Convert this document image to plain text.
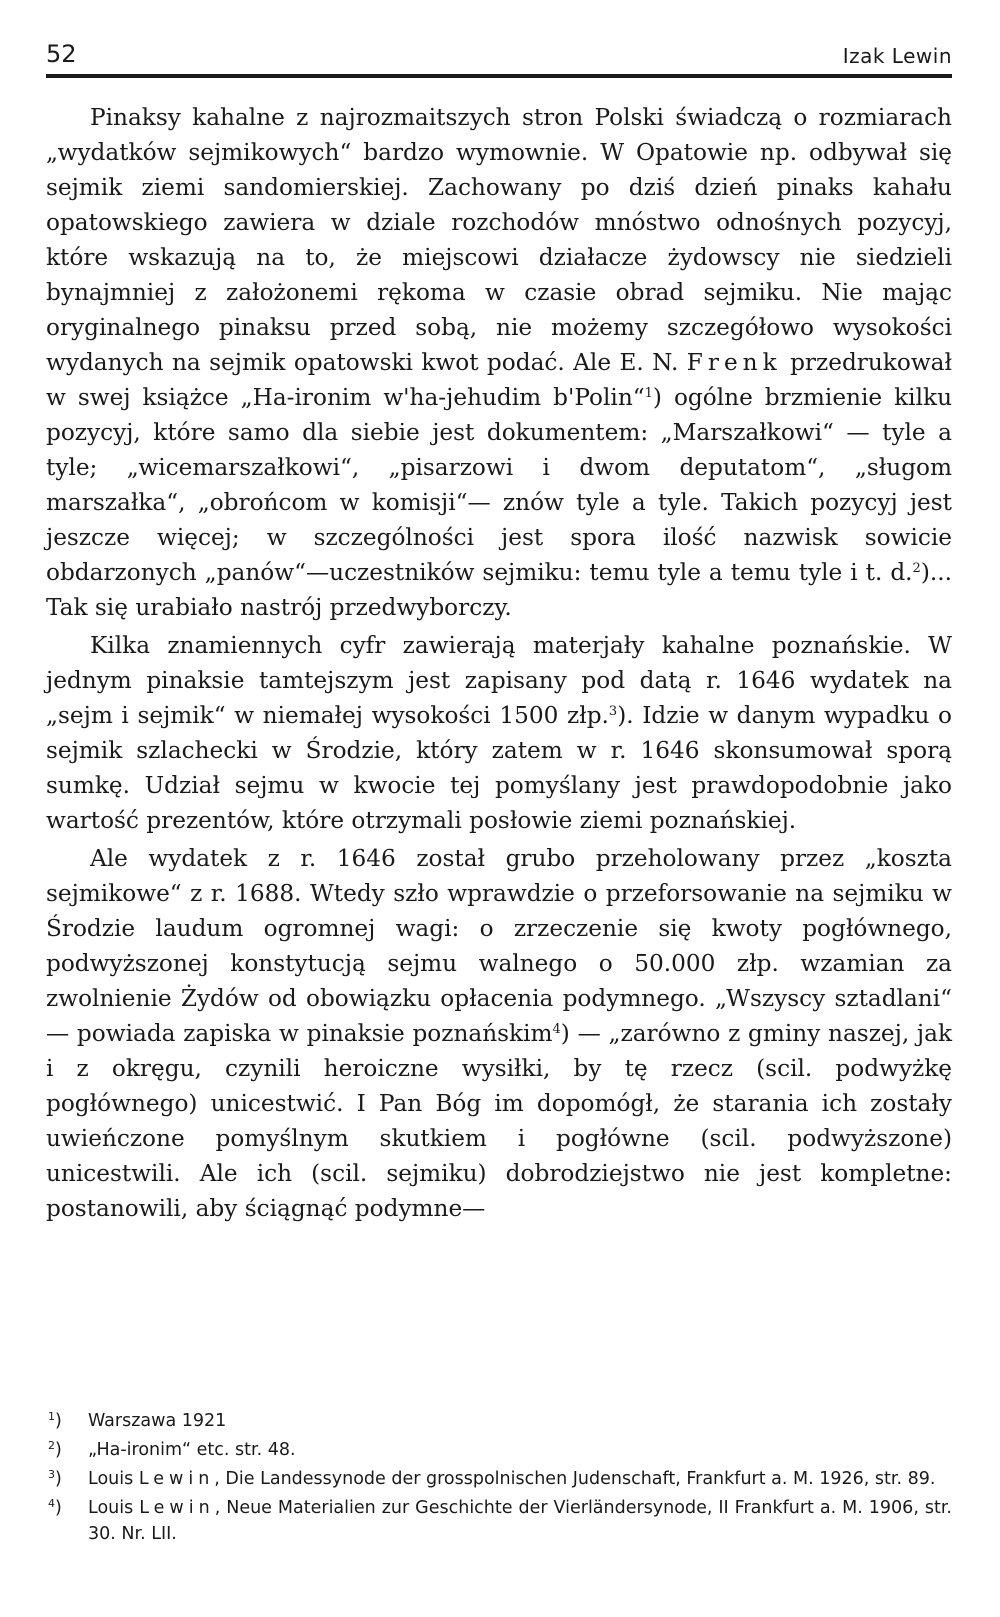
52	Izak Lewin

Pinaksy kahalne z najrozmaitszych stron Polski świadczą o rozmiarach „wydatków sejmikowych“ bardzo wymownie. W Opatowie np. odbywał się sejmik ziemi sandomierskiej. Zachowany po dziś dzień pinaks kahału opatowskiego zawiera w dziale rozchodów mnóstwo odnośnych pozycyj, które wskazują na to, że miejscowi działacze żydowscy nie siedzieli bynajmniej z założonemi rękoma w czasie obrad sejmiku. Nie mając oryginalnego pinaksu przed sobą, nie możemy szczegółowo wysokości wydanych na sejmik opatowski kwot podać. Ale E. N. Frenk przedrukował w swej książce „Ha-ironim w'ha-jehudim b'Polin“$^1$) ogólne brzmienie kilku pozycyj, które samo dla siebie jest dokumentem: „Marszałkowi“ — tyle a tyle; „wicemarszałkowi“, „pisarzowi i dwom deputatom“, „sługom marszałka“, „obrońcom w komisji“— znów tyle a tyle. Takich pozycyj jest jeszcze więcej; w szczególności jest spora ilość nazwisk sowicie obdarzonych „panów“—uczestników sejmiku: temu tyle a temu tyle i t. d.$^2$)... Tak się urabiało nastrój przedwyborczy.

Kilka znamiennych cyfr zawierają materjały kahalne poznańskie. W jednym pinaksie tamtejszym jest zapisany pod datą r. 1646 wydatek na „sejm i sejmik“ w niemałej wysokości 1500 złp.$^3$). Idzie w danym wypadku o sejmik szlachecki w Środzie, który zatem w r. 1646 skonsumował sporą sumkę. Udział sejmu w kwocie tej pomyślany jest prawdopodobnie jako wartość prezentów, które otrzymali posłowie ziemi poznańskiej.

Ale wydatek z r. 1646 został grubo przeholowany przez „koszta sejmikowe“ z r. 1688. Wtedy szło wprawdzie o przeforsowanie na sejmiku w Środzie laudum ogromnej wagi: o zrzeczenie się kwoty pogłównego, podwyższonej konstytucją sejmu walnego o 50.000 złp. wzamian za zwolnienie Żydów od obowiązku opłacenia podymnego. „Wszyscy sztadlani“ — powiada zapiska w pinaksie poznańskim$^4$) — „zarówno z gminy naszej, jak i z okręgu, czynili heroiczne wysiłki, by tę rzecz (scil. podwyżkę pogłównego) unicestwić. I Pan Bóg im dopomógł, że starania ich zostały uwieńczone pomyślnym skutkiem i pogłówne (scil. podwyższone) unicestwili. Ale ich (scil. sejmiku) dobrodziejstwo nie jest kompletne: postanowili, aby ściągnąć podymne—

$^1$) Warszawa 1921
$^2$) „Ha-ironim“ etc. str. 48.
$^3$) Louis Lewin, Die Landessynode der grosspolnischen Judenschaft, Frankfurt a. M. 1926, str. 89.
$^4$) Louis Lewin, Neue Materialien zur Geschichte der Vierländersynode, II Frankfurt a. M. 1906, str. 30. Nr. LII.
